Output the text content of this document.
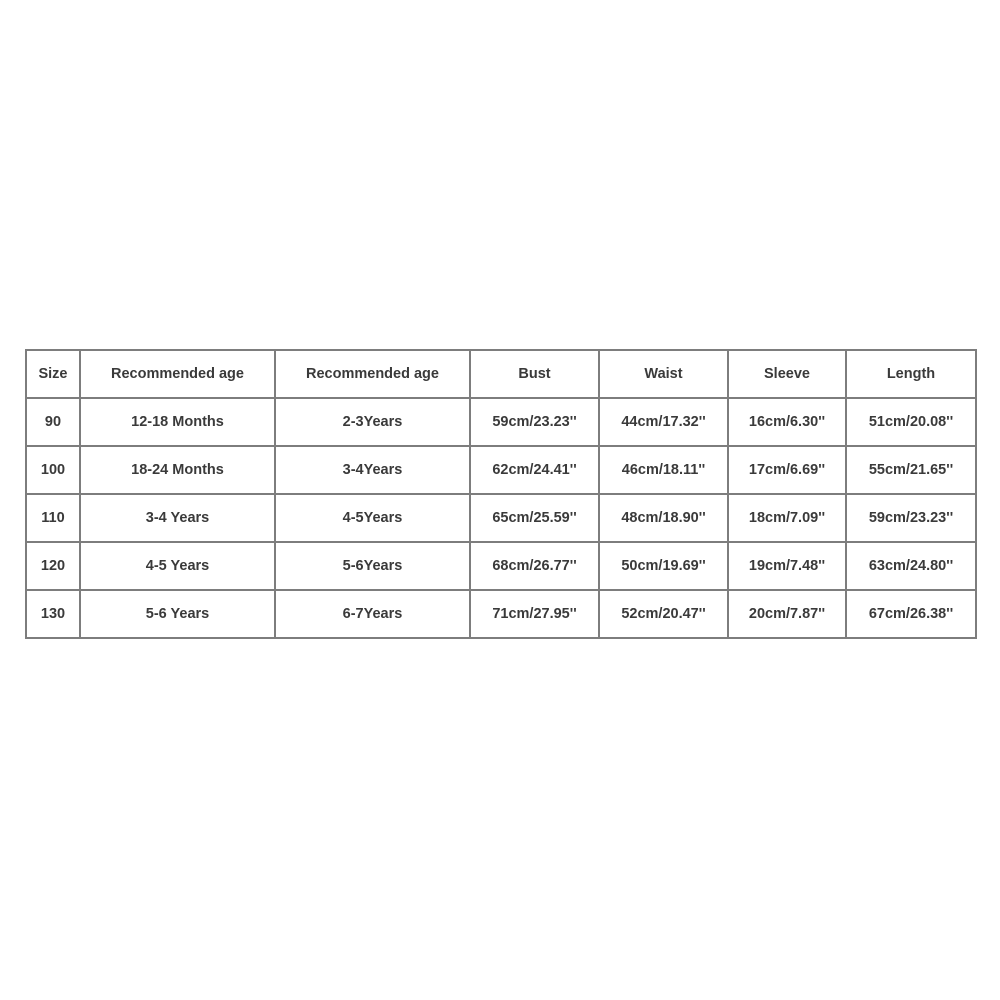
Size	Recommended age	Recommended age	Bust	Waist	Sleeve	Length
90	12-18 Months	2-3Years	59cm/23.23''	44cm/17.32''	16cm/6.30''	51cm/20.08''
100	18-24 Months	3-4Years	62cm/24.41''	46cm/18.11''	17cm/6.69''	55cm/21.65''
110	3-4 Years	4-5Years	65cm/25.59''	48cm/18.90''	18cm/7.09''	59cm/23.23''
120	4-5 Years	5-6Years	68cm/26.77''	50cm/19.69''	19cm/7.48''	63cm/24.80''
130	5-6 Years	6-7Years	71cm/27.95''	52cm/20.47''	20cm/7.87''	67cm/26.38''
